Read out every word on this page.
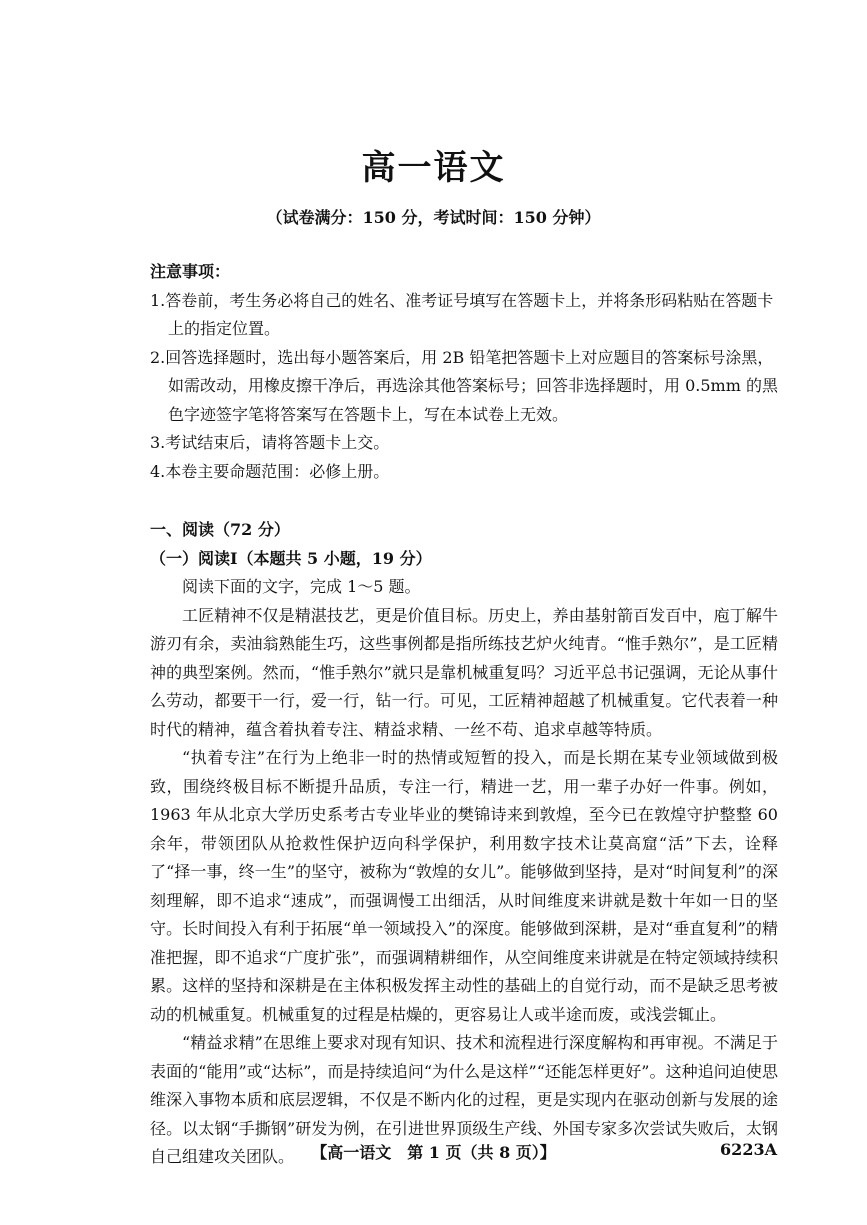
高一语文
（试卷满分：150 分，考试时间：150 分钟）
注意事项：
1.答卷前，考生务必将自己的姓名、准考证号填写在答题卡上，并将条形码粘贴在答题卡上的指定位置。
2.回答选择题时，选出每小题答案后，用 2B 铅笔把答题卡上对应题目的答案标号涂黑，如需改动，用橡皮擦干净后，再选涂其他答案标号；回答非选择题时，用 0.5mm 的黑色字迹签字笔将答案写在答题卡上，写在本试卷上无效。
3.考试结束后，请将答题卡上交。
4.本卷主要命题范围：必修上册。
一、阅读（72 分）
（一）阅读Ⅰ（本题共 5 小题，19 分）
阅读下面的文字，完成 1～5 题。
工匠精神不仅是精湛技艺，更是价值目标。历史上，养由基射箭百发百中，庖丁解牛游刃有余，卖油翁熟能生巧，这些事例都是指所练技艺炉火纯青。“惟手熟尔”，是工匠精神的典型案例。然而，“惟手熟尔”就只是靠机械重复吗？习近平总书记强调，无论从事什么劳动，都要干一行，爱一行，钻一行。可见，工匠精神超越了机械重复。它代表着一种时代的精神，蕴含着执着专注、精益求精、一丝不苟、追求卓越等特质。
“执着专注”在行为上绝非一时的热情或短暂的投入，而是长期在某专业领域做到极致，围绕终极目标不断提升品质，专注一行，精进一艺，用一辈子办好一件事。例如，1963 年从北京大学历史系考古专业毕业的樊锦诗来到敦煌，至今已在敦煌守护整整 60 余年，带领团队从抢救性保护迈向科学保护，利用数字技术让莫高窟“活”下去，诠释了“择一事，终一生”的坚守，被称为“敦煌的女儿”。能够做到坚持，是对“时间复利”的深刻理解，即不追求“速成”，而强调慢工出细活，从时间维度来讲就是数十年如一日的坚守。长时间投入有利于拓展“单一领域投入”的深度。能够做到深耕，是对“垂直复利”的精准把握，即不追求“广度扩张”，而强调精耕细作，从空间维度来讲就是在特定领域持续积累。这样的坚持和深耕是在主体积极发挥主动性的基础上的自觉行动，而不是缺乏思考被动的机械重复。机械重复的过程是枯燥的，更容易让人或半途而废，或浅尝辄止。
“精益求精”在思维上要求对现有知识、技术和流程进行深度解构和再审视。不满足于表面的“能用”或“达标”，而是持续追问“为什么是这样”“还能怎样更好”。这种追问迫使思维深入事物本质和底层逻辑，不仅是不断内化的过程，更是实现内在驱动创新与发展的途径。以太钢“手撕钢”研发为例，在引进世界顶级生产线、外国专家多次尝试失败后，太钢自己组建攻关团队。	【高一语文　第 1 页（共 8 页）】	6223A
